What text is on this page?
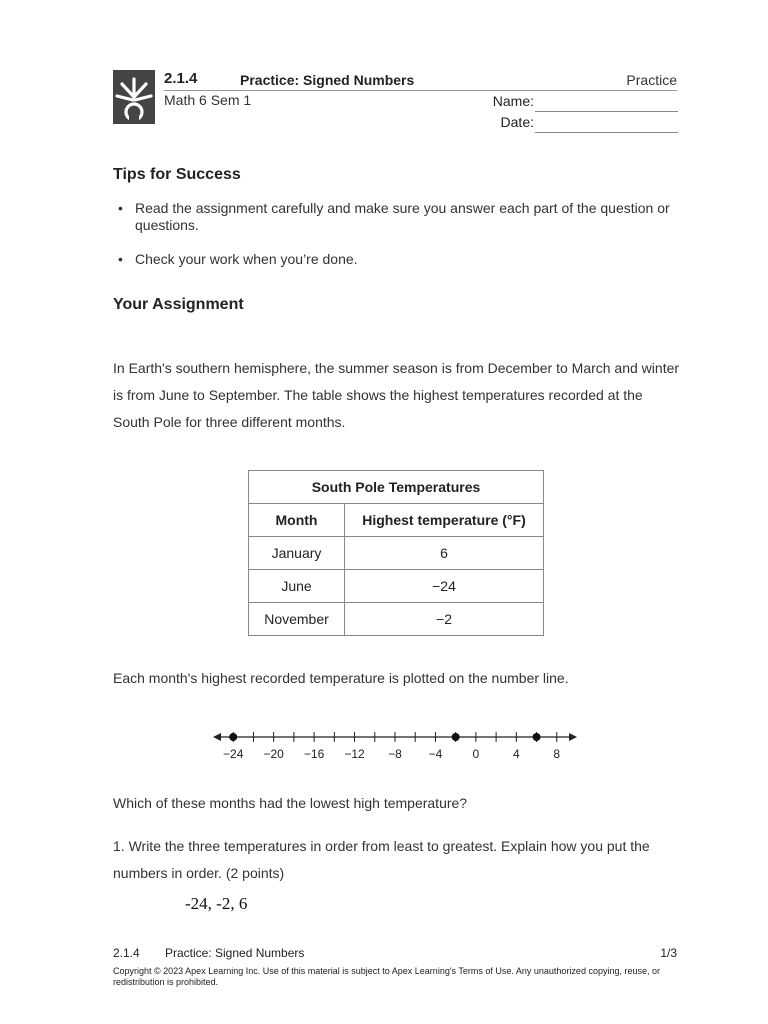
2.1.4	Practice: Signed Numbers	Practice
Math 6 Sem 1	Name:
Date:
Tips for Success
• Read the assignment carefully and make sure you answer each part of the question or questions.
• Check your work when you’re done.
Your Assignment

In Earth's southern hemisphere, the summer season is from December to March and winter is from June to September. The table shows the highest temperatures recorded at the South Pole for three different months.

South Pole Temperatures	
Month	Highest temperature (°F)
January	6
June	−24
November	−2

Each month's highest recorded temperature is plotted on the number line.

−24 −20 −16 −12 −8 −4	0	4	8

Which of these months had the lowest high temperature?

1. Write the three temperatures in order from least to greatest. Explain how you put the numbers in order. (2 points)

-24, -2, 6
2.1.4 Practice: Signed Numbers	1/3
Copyright © 2023 Apex Learning Inc. Use of this material is subject to Apex Learning's Terms of Use. Any unauthorized copying, reuse, or redistribution is prohibited.
